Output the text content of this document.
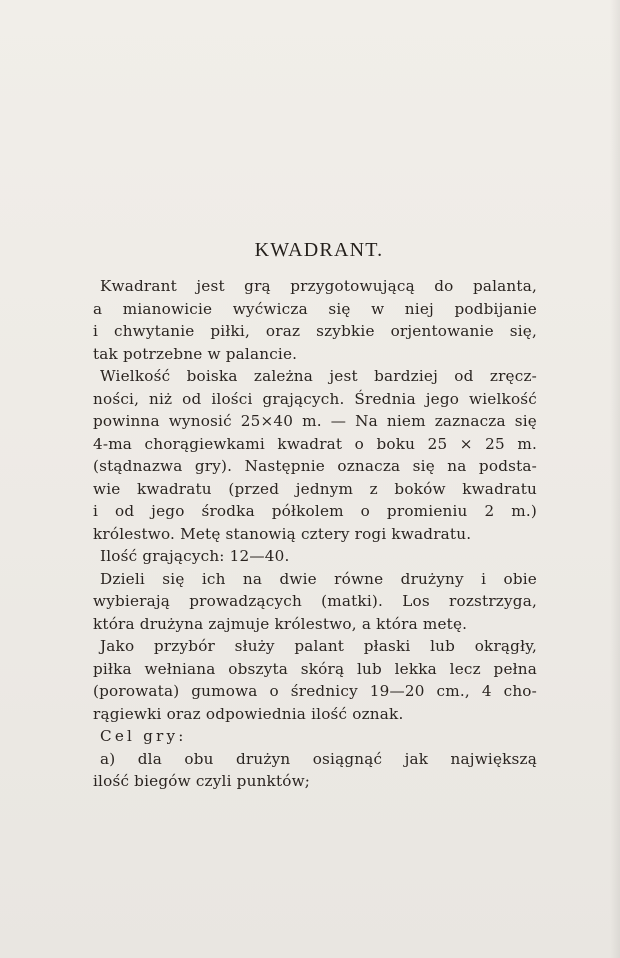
KWADRANT.
Kwadrant jest grą przygotowującą do palanta,
a mianowicie wyćwicza się w niej podbijanie
i chwytanie piłki, oraz szybkie orjentowanie się,
tak potrzebne w palancie.
Wielkość boiska zależna jest bardziej od zręcz-
ności, niż od ilości grających. Średnia jego wielkość
powinna wynosić 25×40 m. — Na niem zaznacza się
4-ma chorągiewkami kwadrat o boku 25 × 25 m.
(stądnazwa gry). Następnie oznacza się na podsta-
wie kwadratu (przed jednym z boków kwadratu
i od jego środka półkolem o promieniu 2 m.)
królestwo. Metę stanowią cztery rogi kwadratu.
Ilość grających: 12—40.
Dzieli się ich na dwie równe drużyny i obie
wybierają prowadzących (matki). Los rozstrzyga,
która drużyna zajmuje królestwo, a która metę.
Jako przybór służy palant płaski lub okrągły,
piłka wełniana obszyta skórą lub lekka lecz pełna
(porowata) gumowa o średnicy 19—20 cm., 4 cho-
rągiewki oraz odpowiednia ilość oznak.
Cel gry:
a) dla obu drużyn osiągnąć jak największą
ilość biegów czyli punktów;
